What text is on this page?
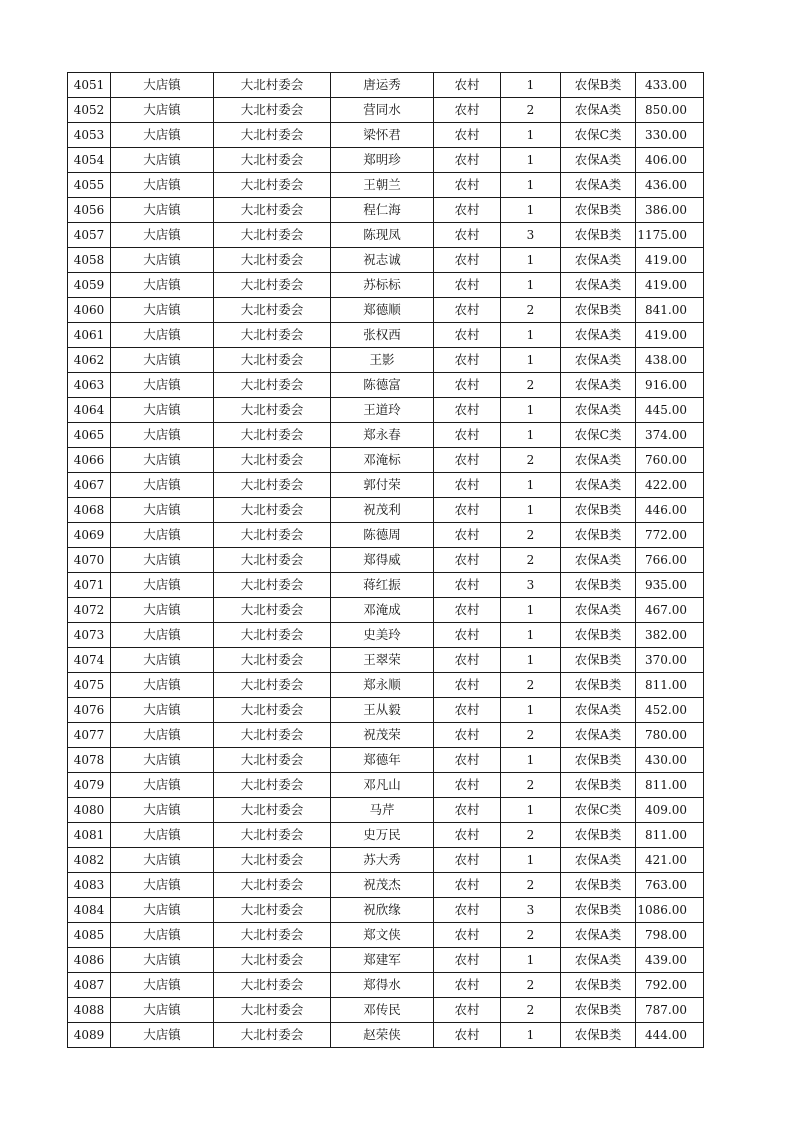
4051	大店镇	大北村委会	唐运秀	农村	1	农保B类	433.00
4052	大店镇	大北村委会	营同水	农村	2	农保A类	850.00
4053	大店镇	大北村委会	梁怀君	农村	1	农保C类	330.00
4054	大店镇	大北村委会	郑明珍	农村	1	农保A类	406.00
4055	大店镇	大北村委会	王朝兰	农村	1	农保A类	436.00
4056	大店镇	大北村委会	程仁海	农村	1	农保B类	386.00
4057	大店镇	大北村委会	陈现凤	农村	3	农保B类	1175.00
4058	大店镇	大北村委会	祝志诚	农村	1	农保A类	419.00
4059	大店镇	大北村委会	苏标标	农村	1	农保A类	419.00
4060	大店镇	大北村委会	郑德顺	农村	2	农保B类	841.00
4061	大店镇	大北村委会	张权西	农村	1	农保A类	419.00
4062	大店镇	大北村委会	王影	农村	1	农保A类	438.00
4063	大店镇	大北村委会	陈德富	农村	2	农保A类	916.00
4064	大店镇	大北村委会	王道玲	农村	1	农保A类	445.00
4065	大店镇	大北村委会	郑永春	农村	1	农保C类	374.00
4066	大店镇	大北村委会	邓淹标	农村	2	农保A类	760.00
4067	大店镇	大北村委会	郭付荣	农村	1	农保A类	422.00
4068	大店镇	大北村委会	祝茂利	农村	1	农保B类	446.00
4069	大店镇	大北村委会	陈德周	农村	2	农保B类	772.00
4070	大店镇	大北村委会	郑得威	农村	2	农保A类	766.00
4071	大店镇	大北村委会	蒋红振	农村	3	农保B类	935.00
4072	大店镇	大北村委会	邓淹成	农村	1	农保A类	467.00
4073	大店镇	大北村委会	史美玲	农村	1	农保B类	382.00
4074	大店镇	大北村委会	王翠荣	农村	1	农保B类	370.00
4075	大店镇	大北村委会	郑永顺	农村	2	农保B类	811.00
4076	大店镇	大北村委会	王从毅	农村	1	农保A类	452.00
4077	大店镇	大北村委会	祝茂荣	农村	2	农保A类	780.00
4078	大店镇	大北村委会	郑德年	农村	1	农保B类	430.00
4079	大店镇	大北村委会	邓凡山	农村	2	农保B类	811.00
4080	大店镇	大北村委会	马芹	农村	1	农保C类	409.00
4081	大店镇	大北村委会	史万民	农村	2	农保B类	811.00
4082	大店镇	大北村委会	苏大秀	农村	1	农保A类	421.00
4083	大店镇	大北村委会	祝茂杰	农村	2	农保B类	763.00
4084	大店镇	大北村委会	祝欣缘	农村	3	农保B类	1086.00
4085	大店镇	大北村委会	郑文侠	农村	2	农保A类	798.00
4086	大店镇	大北村委会	郑建军	农村	1	农保A类	439.00
4087	大店镇	大北村委会	郑得水	农村	2	农保B类	792.00
4088	大店镇	大北村委会	邓传民	农村	2	农保B类	787.00
4089	大店镇	大北村委会	赵荣侠	农村	1	农保B类	444.00
